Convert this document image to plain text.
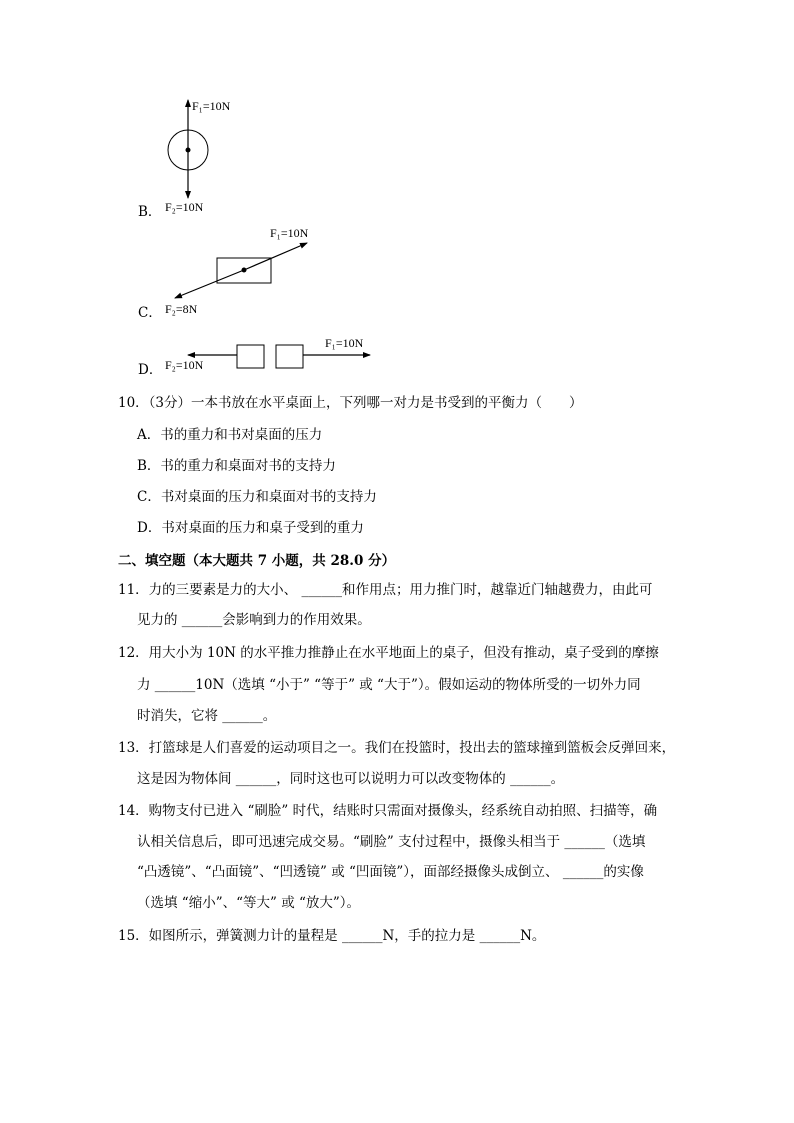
F₁=10N
F₂=10N
B．
F₁=10N
F₂=8N
C．
F₁=10N
F₂=10N
D．
10．（3分）一本书放在水平桌面上，下列哪一对力是书受到的平衡力（　　）
A．书的重力和书对桌面的压力
B．书的重力和桌面对书的支持力
C．书对桌面的压力和桌面对书的支持力
D．书对桌面的压力和桌子受到的重力
二、填空题（本大题共 7 小题，共 28.0 分）
11．力的三要素是力的大小、 ______和作用点；用力推门时，越靠近门轴越费力，由此可
见力的 ______会影响到力的作用效果。
12．用大小为 10N 的水平推力推静止在水平地面上的桌子，但没有推动，桌子受到的摩擦
力 ______10N（选填 “小于” “等于” 或 “大于”）。假如运动的物体所受的一切外力同
时消失，它将 ______。
13．打篮球是人们喜爱的运动项目之一。我们在投篮时，投出去的篮球撞到篮板会反弹回来，
这是因为物体间 ______，同时这也可以说明力可以改变物体的 ______。
14．购物支付已进入 “刷脸” 时代，结账时只需面对摄像头，经系统自动拍照、扫描等，确
认相关信息后，即可迅速完成交易。“刷脸” 支付过程中，摄像头相当于 ______（选填
“凸透镜”、“凸面镜”、“凹透镜” 或 “凹面镜”），面部经摄像头成倒立、 ______的实像
（选填 “缩小”、“等大” 或 “放大”）。
15．如图所示，弹簧测力计的量程是 ______N，手的拉力是 ______N。
